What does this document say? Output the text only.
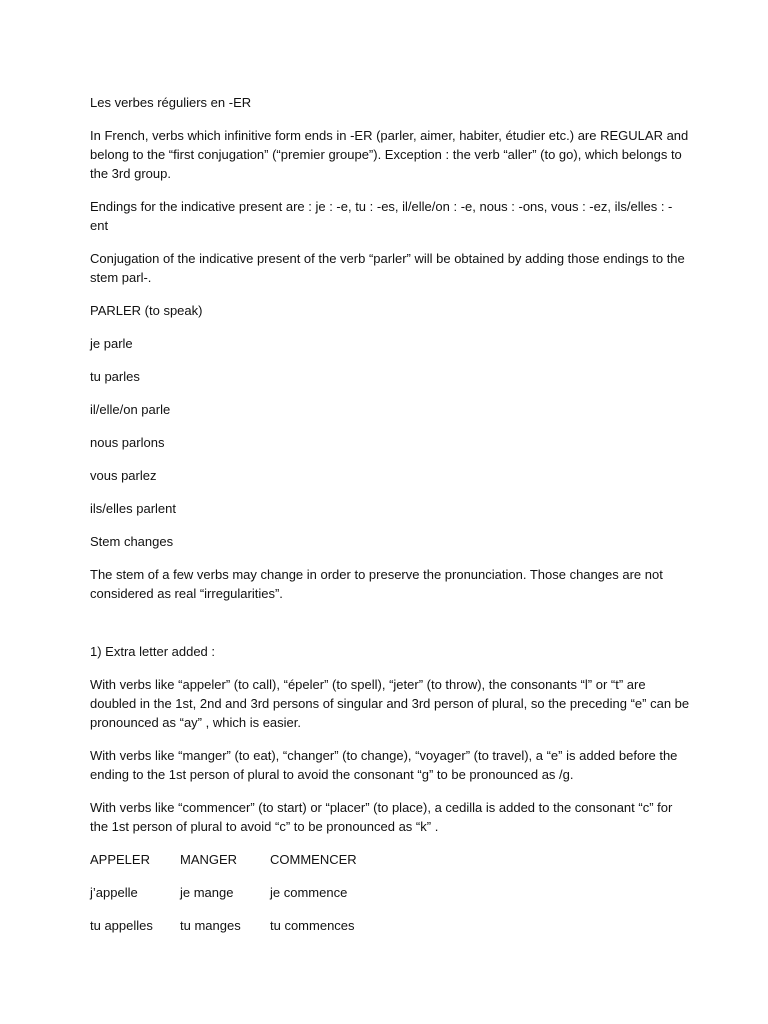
Les verbes réguliers en -ER

In French, verbs which infinitive form ends in -ER (parler, aimer, habiter, étudier etc.) are REGULAR and belong to the “first conjugation” (“premier groupe”). Exception : the verb “aller” (to go), which belongs to the 3rd group.

Endings for the indicative present are : je : -e, tu : -es, il/elle/on : -e, nous : -ons, vous : -ez, ils/elles : -ent

Conjugation of the indicative present of the verb “parler” will be obtained by adding those endings to the stem parl-.

PARLER (to speak)

je parle

tu parles

il/elle/on parle

nous parlons

vous parlez

ils/elles parlent

Stem changes

The stem of a few verbs may change in order to preserve the pronunciation. Those changes are not considered as real “irregularities”.

1) Extra letter added :

With verbs like “appeler” (to call), “épeler” (to spell), “jeter” (to throw), the consonants “l” or “t” are doubled in the 1st, 2nd and 3rd persons of singular and 3rd person of plural, so the preceding “e” can be pronounced as “ay” , which is easier.

With verbs like “manger” (to eat), “changer” (to change), “voyager” (to travel), a “e” is added before the ending to the 1st person of plural to avoid the consonant “g” to be pronounced as /g.

With verbs like “commencer” (to start) or “placer” (to place), a cedilla is added to the consonant “c” for the 1st person of plural to avoid “c” to be pronounced as “k” .

APPELER	MANGER	COMMENCER
j’appelle	je mange	je commence
tu appelles	tu manges	tu commences
